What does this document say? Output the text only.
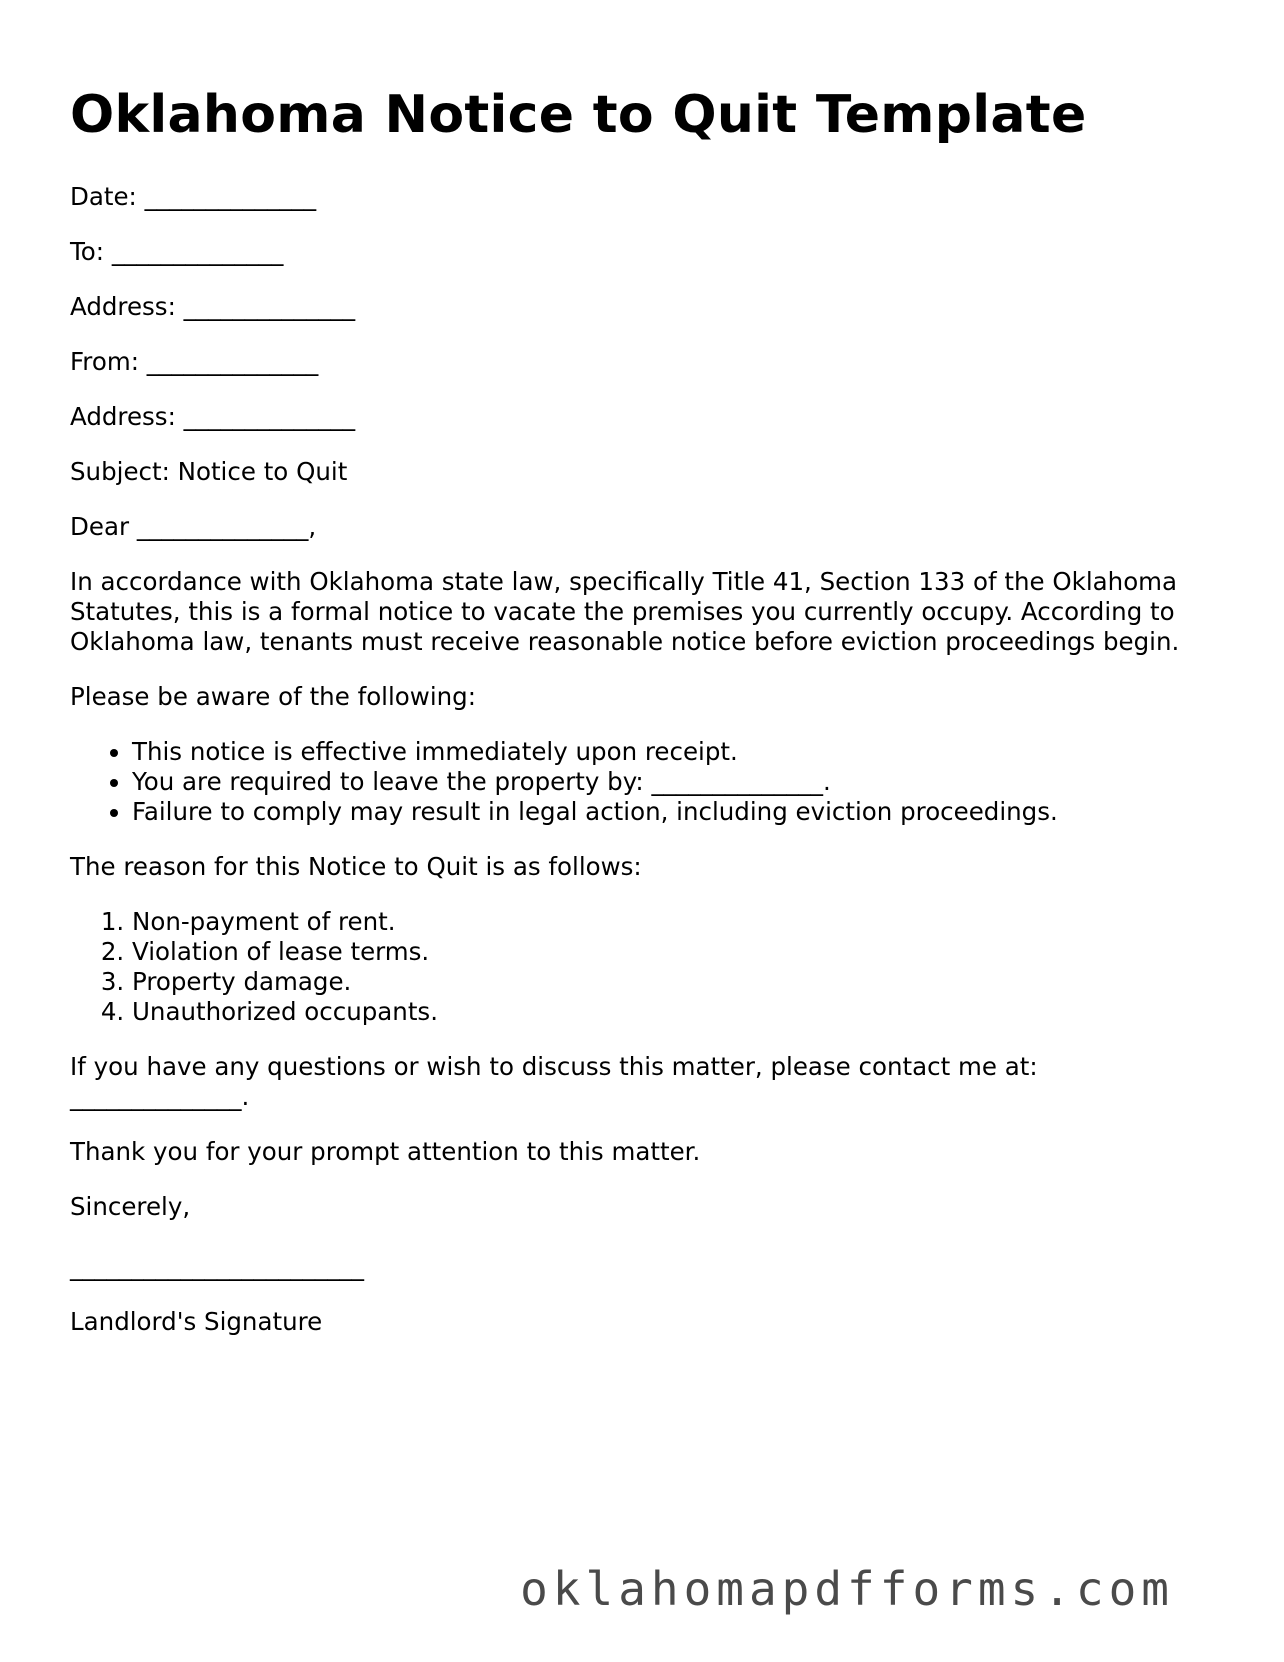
Oklahoma Notice to Quit Template

Date: ______________

To: ______________

Address: ______________

From: ______________

Address: ______________

Subject: Notice to Quit

Dear ______________,

In accordance with Oklahoma state law, specifically Title 41, Section 133 of the Oklahoma Statutes, this is a formal notice to vacate the premises you currently occupy. According to Oklahoma law, tenants must receive reasonable notice before eviction proceedings begin.

Please be aware of the following:

• This notice is effective immediately upon receipt.
• You are required to leave the property by: ______________.
• Failure to comply may result in legal action, including eviction proceedings.

The reason for this Notice to Quit is as follows:

1. Non-payment of rent.
2. Violation of lease terms.
3. Property damage.
4. Unauthorized occupants.

If you have any questions or wish to discuss this matter, please contact me at: ______________.

Thank you for your prompt attention to this matter.

Sincerely,

________________________

Landlord's Signature

oklahomapdfforms.com
